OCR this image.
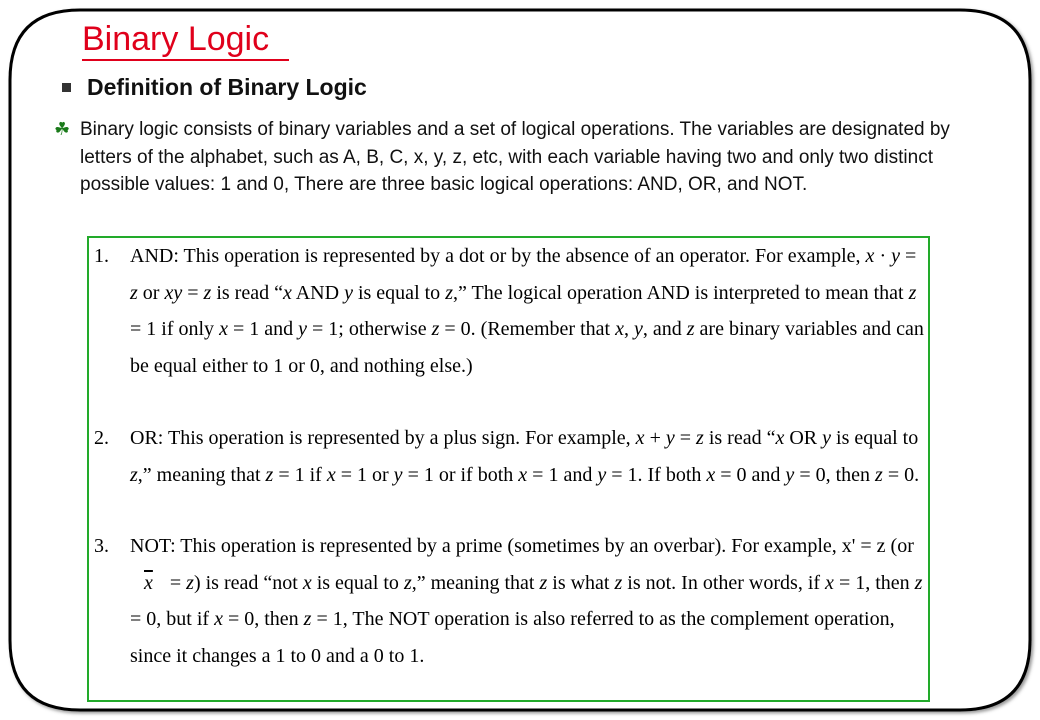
Binary Logic
Definition of Binary Logic
☘ Binary logic consists of binary variables and a set of logical operations. The variables are designated by letters of the alphabet, such as A, B, C, x, y, z, etc, with each variable having two and only two distinct possible values: 1 and 0, There are three basic logical operations: AND, OR, and NOT.

1.	AND: This operation is represented by a dot or by the absence of an operator. For example, x · y = z or xy = z is read “x AND y is equal to z,” The logical operation AND is interpreted to mean that z = 1 if only x = 1 and y = 1; otherwise z = 0. (Remember that x, y, and z are binary variables and can be equal either to 1 or 0, and nothing else.)
2.	OR: This operation is represented by a plus sign. For example, x + y = z is read “x OR y is equal to z,” meaning that z = 1 if x = 1 or y = 1 or if both x = 1 and y = 1. If both x = 0 and y = 0, then z = 0.
3.	NOT: This operation is represented by a prime (sometimes by an overbar). For example, x' = z (or $\overline{x} = z$) is read “not x is equal to z,” meaning that z is what z is not. In other words, if x = 1, then z = 0, but if x = 0, then z = 1, The NOT operation is also referred to as the complement operation, since it changes a 1 to 0 and a 0 to 1.
